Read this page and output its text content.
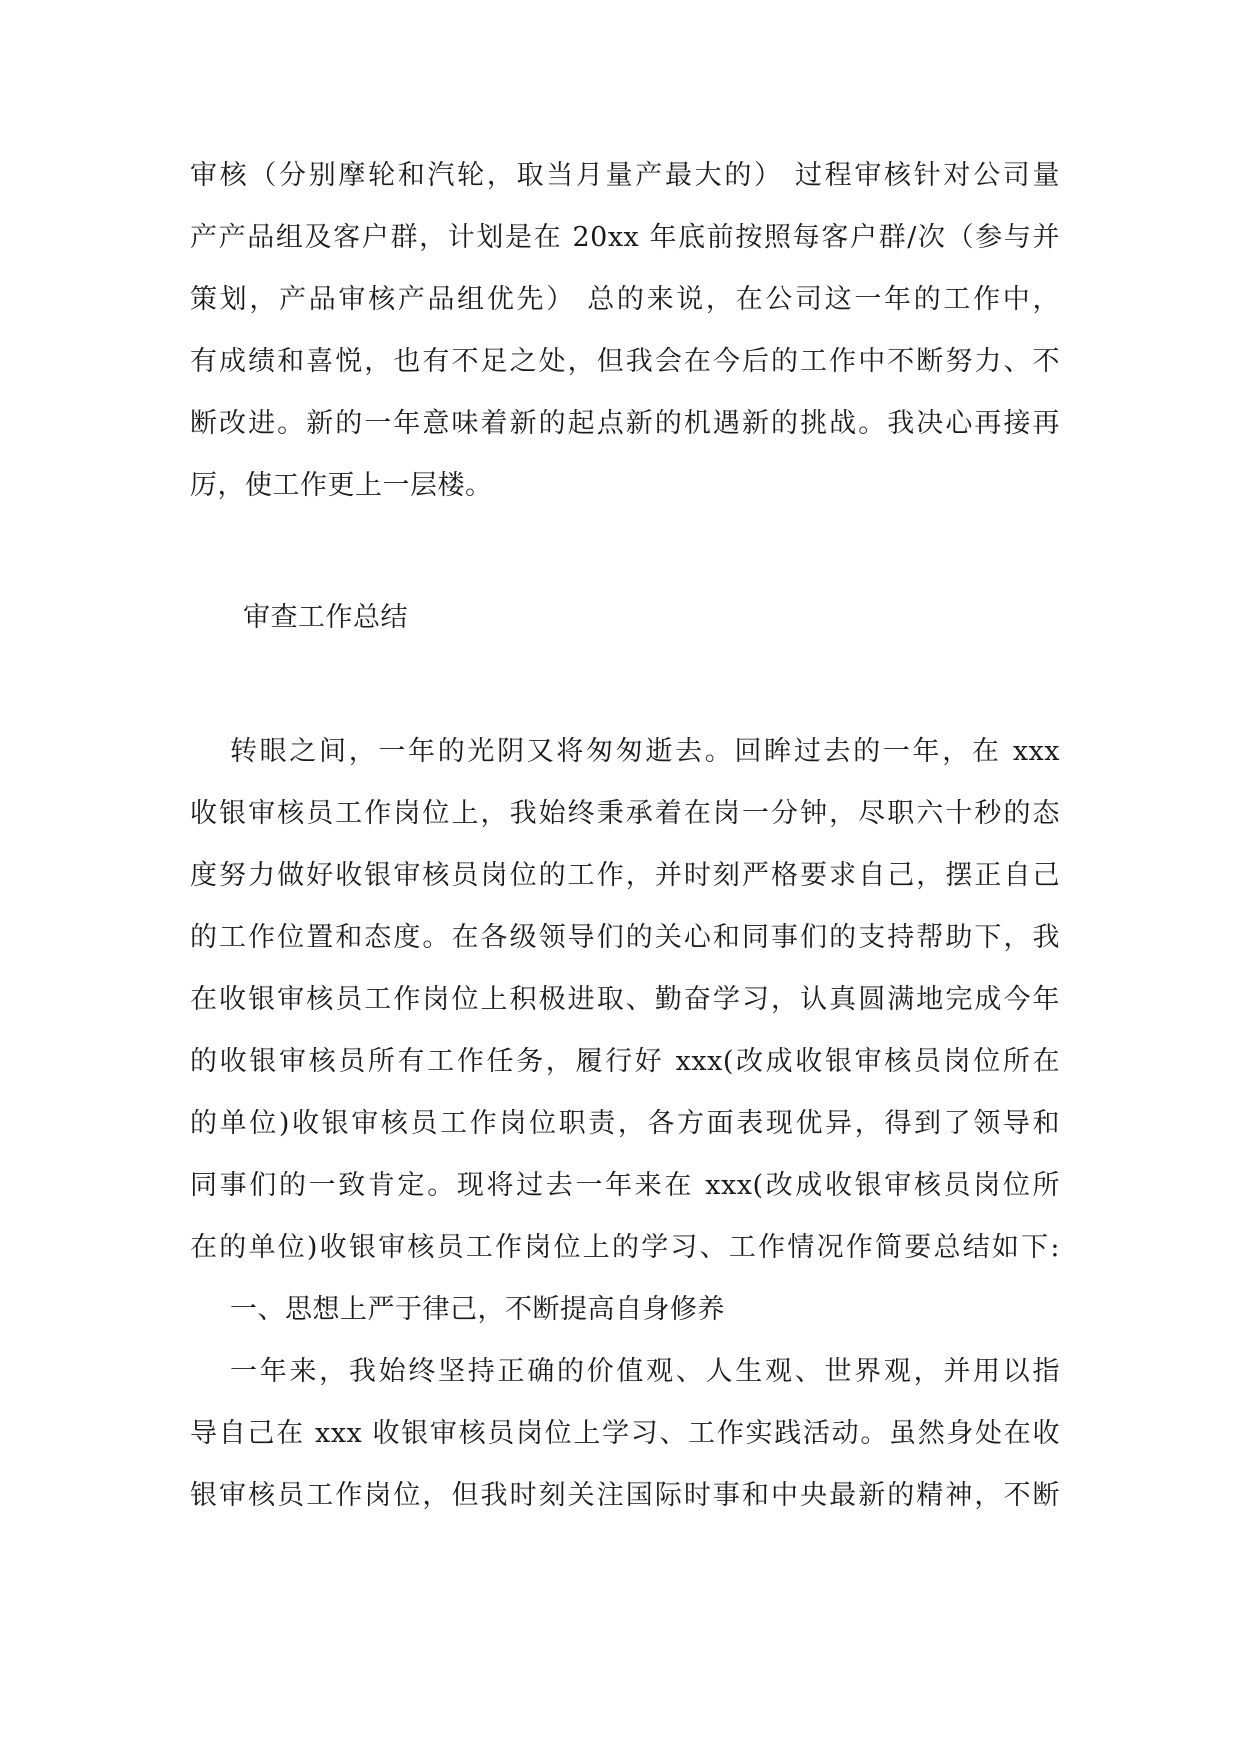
审核（分别摩轮和汽轮，取当月量产最大的） 过程审核针对公司量
产产品组及客户群，计划是在 20xx 年底前按照每客户群/次（参与并
策划，产品审核产品组优先） 总的来说，在公司这一年的工作中，
有成绩和喜悦，也有不足之处，但我会在今后的工作中不断努力、不
断改进。新的一年意味着新的起点新的机遇新的挑战。我决心再接再
厉，使工作更上一层楼。
审查工作总结
转眼之间，一年的光阴又将匆匆逝去。回眸过去的一年，在 xxx
收银审核员工作岗位上，我始终秉承着在岗一分钟，尽职六十秒的态
度努力做好收银审核员岗位的工作，并时刻严格要求自己，摆正自己
的工作位置和态度。在各级领导们的关心和同事们的支持帮助下，我
在收银审核员工作岗位上积极进取、勤奋学习，认真圆满地完成今年
的收银审核员所有工作任务，履行好 xxx(改成收银审核员岗位所在
的单位)收银审核员工作岗位职责，各方面表现优异，得到了领导和
同事们的一致肯定。现将过去一年来在 xxx(改成收银审核员岗位所
在的单位)收银审核员工作岗位上的学习、工作情况作简要总结如下:
一、思想上严于律己，不断提高自身修养
一年来，我始终坚持正确的价值观、人生观、世界观，并用以指
导自己在 xxx 收银审核员岗位上学习、工作实践活动。虽然身处在收
银审核员工作岗位，但我时刻关注国际时事和中央最新的精神，不断
